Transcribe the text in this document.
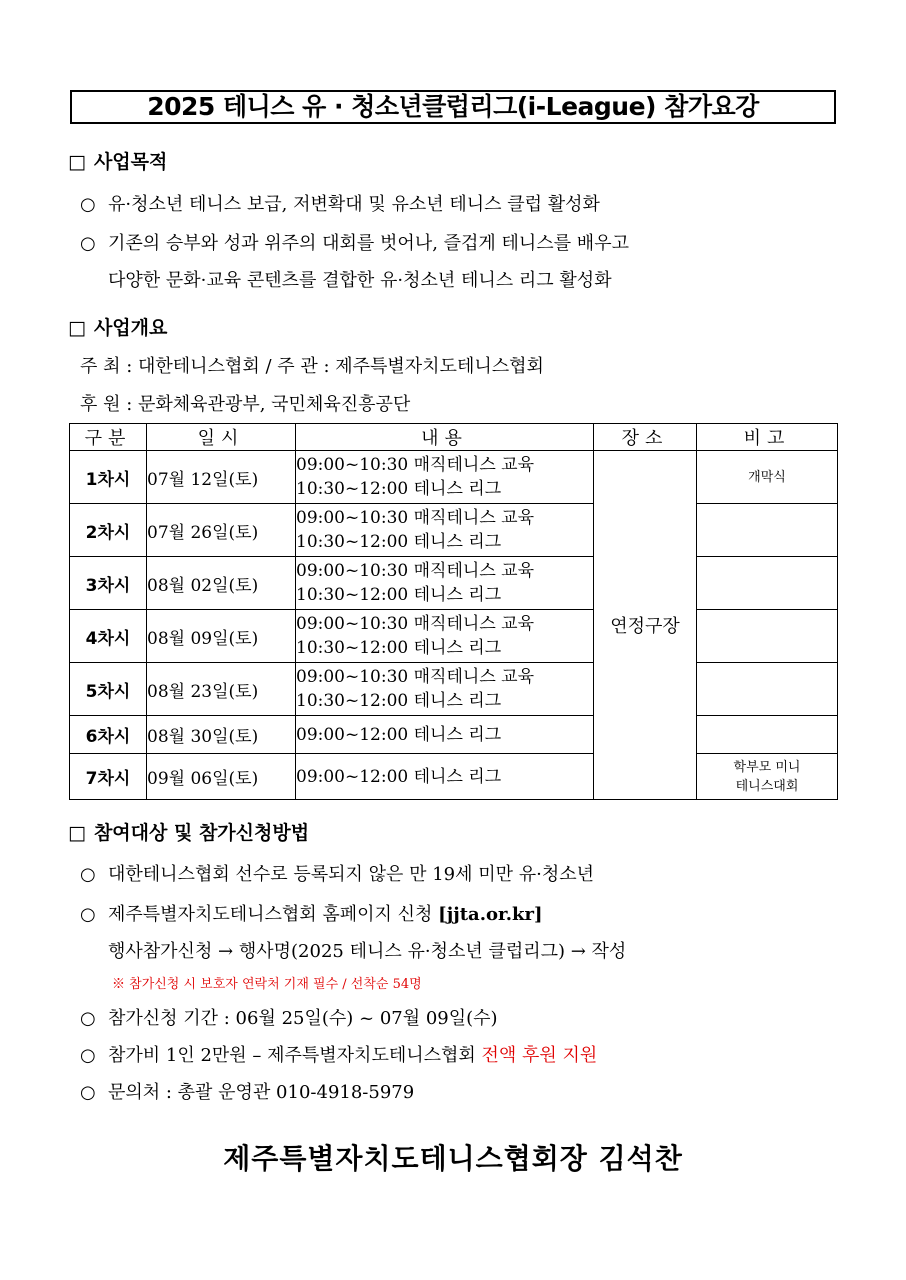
2025 테니스 유 · 청소년클럽리그(i-League) 참가요강
□ 사업목적
○ 유·청소년 테니스 보급, 저변확대 및 유소년 테니스 클럽 활성화
○ 기존의 승부와 성과 위주의 대회를 벗어나, 즐겁게 테니스를 배우고
다양한 문화·교육 콘텐츠를 결합한 유·청소년 테니스 리그 활성화
□ 사업개요
주 최 : 대한테니스협회 / 주 관 : 제주특별자치도테니스협회
후 원 : 문화체육관광부, 국민체육진흥공단
구분	일시	내용	장소	비고
1차시	07월 12일(토)	09:00~10:30 매직테니스 교육
10:30~12:00 테니스 리그	연정구장	개막식
2차시	07월 26일(토)	09:00~10:30 매직테니스 교육
10:30~12:00 테니스 리그		

3차시	08월 02일(토)	09:00~10:30 매직테니스 교육
10:30~12:00 테니스 리그		

4차시	08월 09일(토)	09:00~10:30 매직테니스 교육
10:30~12:00 테니스 리그		

5차시	08월 23일(토)	09:00~10:30 매직테니스 교육
10:30~12:00 테니스 리그		

6차시	08월 30일(토)	09:00~12:00 테니스 리그		
7차시	09월 06일(토)	09:00~12:00 테니스 리그		학부모 미니
테니스대회
□ 참여대상 및 참가신청방법
○ 대한테니스협회 선수로 등록되지 않은 만 19세 미만 유·청소년
○ 제주특별자치도테니스협회 홈페이지 신청 [jjta.or.kr]
행사참가신청 → 행사명(2025 테니스 유·청소년 클럽리그) → 작성
※ 참가신청 시 보호자 연락처 기재 필수 / 선착순 54명
○ 참가신청 기간 : 06월 25일(수) ~ 07월 09일(수)
○ 참가비 1인 2만원 – 제주특별자치도테니스협회 전액 후원 지원
○ 문의처 : 총괄 운영관 010-4918-5979
제주특별자치도테니스협회장 김석찬
